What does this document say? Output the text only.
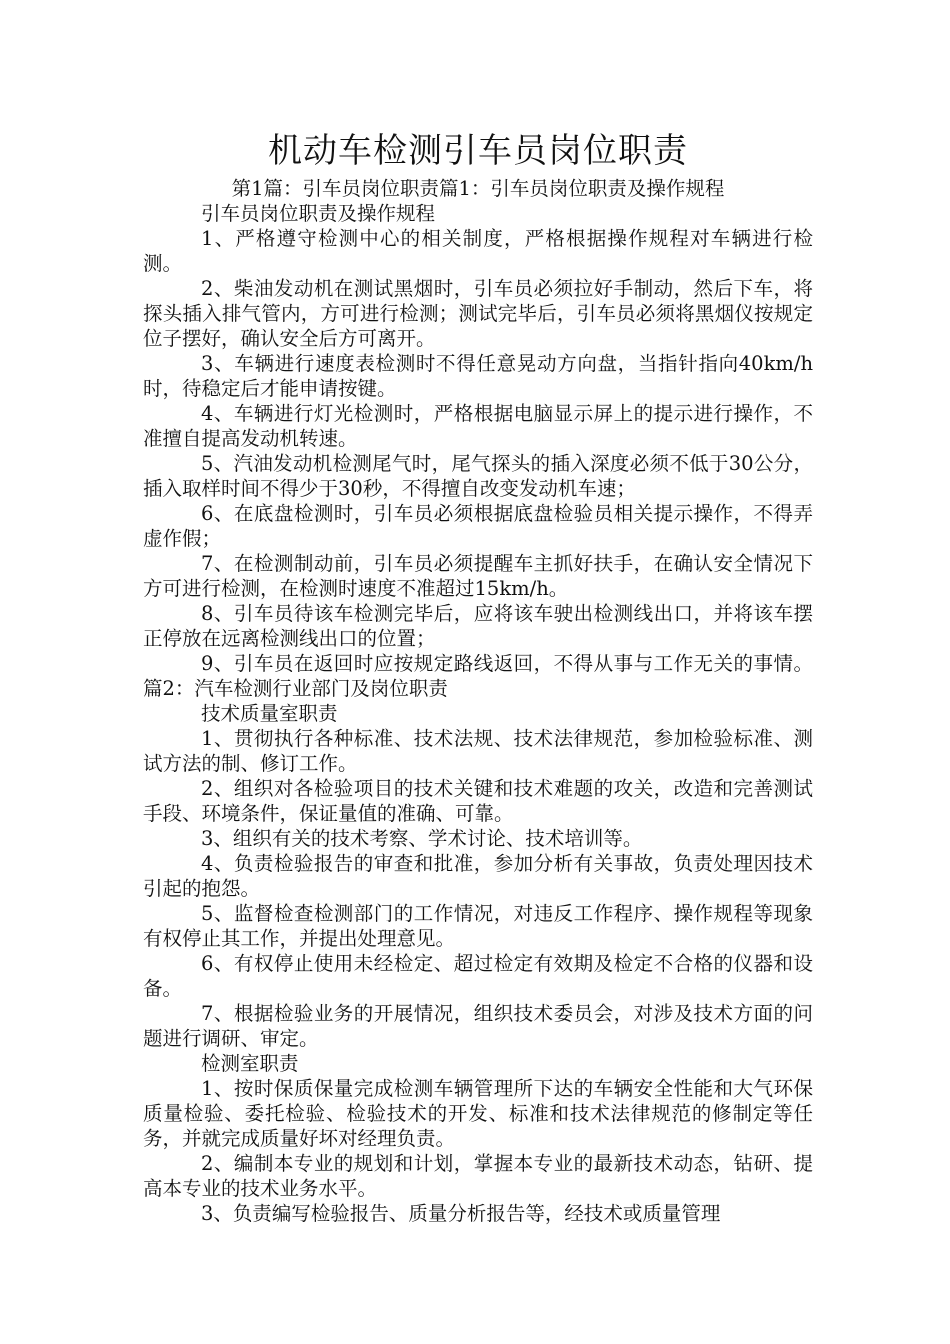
机动车检测引车员岗位职责

第1篇：引车员岗位职责篇1：引车员岗位职责及操作规程

引车员岗位职责及操作规程

1、严格遵守检测中心的相关制度，严格根据操作规程对车辆进行检测。

2、柴油发动机在测试黑烟时，引车员必须拉好手制动，然后下车，将探头插入排气管内，方可进行检测；测试完毕后，引车员必须将黑烟仪按规定位子摆好，确认安全后方可离开。

3、车辆进行速度表检测时不得任意晃动方向盘，当指针指向40km/h时，待稳定后才能申请按键。

4、车辆进行灯光检测时，严格根据电脑显示屏上的提示进行操作，不准擅自提高发动机转速。

5、汽油发动机检测尾气时，尾气探头的插入深度必须不低于30公分，插入取样时间不得少于30秒，不得擅自改变发动机车速；

6、在底盘检测时，引车员必须根据底盘检验员相关提示操作，不得弄虚作假；

7、在检测制动前，引车员必须提醒车主抓好扶手，在确认安全情况下方可进行检测，在检测时速度不准超过15km/h。

8、引车员待该车检测完毕后，应将该车驶出检测线出口，并将该车摆正停放在远离检测线出口的位置；

9、引车员在返回时应按规定路线返回，不得从事与工作无关的事情。 篇2：汽车检测行业部门及岗位职责

技术质量室职责

1、贯彻执行各种标准、技术法规、技术法律规范，参加检验标准、测试方法的制、修订工作。

2、组织对各检验项目的技术关键和技术难题的攻关，改造和完善测试手段、环境条件，保证量值的准确、可靠。

3、组织有关的技术考察、学术讨论、技术培训等。

4、负责检验报告的审查和批准，参加分析有关事故，负责处理因技术引起的抱怨。

5、监督检查检测部门的工作情况，对违反工作程序、操作规程等现象有权停止其工作，并提出处理意见。

6、有权停止使用未经检定、超过检定有效期及检定不合格的仪器和设备。

7、根据检验业务的开展情况，组织技术委员会，对涉及技术方面的问题进行调研、审定。

检测室职责

1、按时保质保量完成检测车辆管理所下达的车辆安全性能和大气环保质量检验、委托检验、检验技术的开发、标准和技术法律规范的修制定等任务，并就完成质量好坏对经理负责。

2、编制本专业的规划和计划，掌握本专业的最新技术动态，钻研、提高本专业的技术业务水平。

3、负责编写检验报告、质量分析报告等，经技术或质量管理
